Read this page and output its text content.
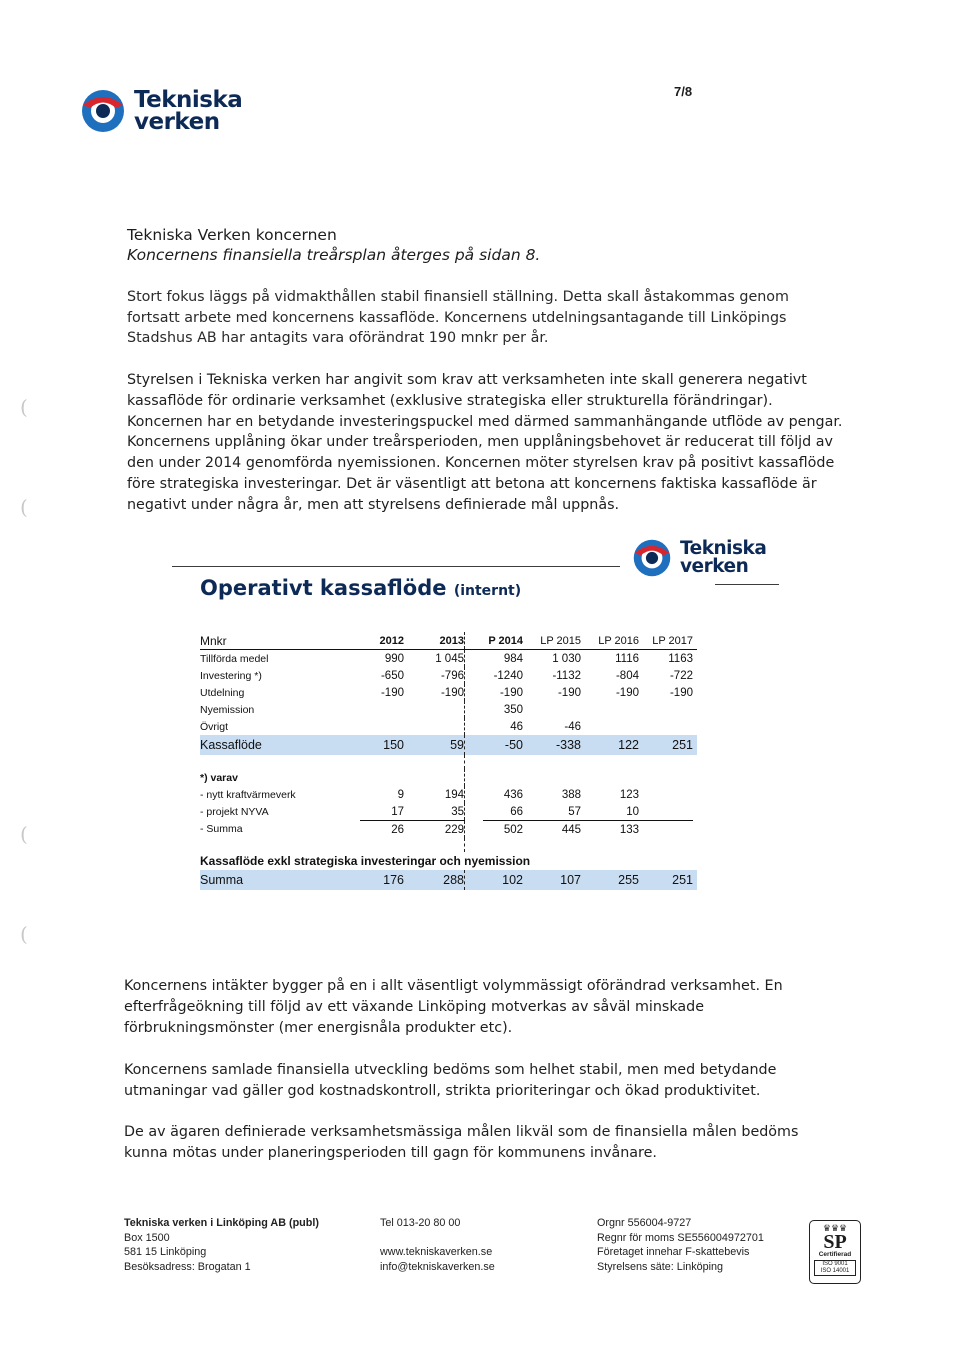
Tekniska
verken
7/8
(
(
(
(
Tekniska Verken koncernen
Koncernens finansiella treårsplan återges på sidan 8.
Stort fokus läggs på vidmakthållen stabil finansiell ställning. Detta skall åstakommas genom fortsatt arbete med koncernens kassaflöde. Koncernens utdelningsantagande till Linköpings Stadshus AB har antagits vara oförändrat 190 mnkr per år.
Styrelsen i Tekniska verken har angivit som krav att verksamheten inte skall generera negativt kassaflöde för ordinarie verksamhet (exklusive strategiska eller strukturella förändringar). Koncernen har en betydande investeringspuckel med därmed sammanhängande utflöde av pengar. Koncernens upplåning ökar under treårsperioden, men upplåningsbehovet är reducerat till följd av den under 2014 genomförda nyemissionen. Koncernen möter styrelsen krav på positivt kassaflöde före strategiska investeringar. Det är väsentligt att betona att koncernens faktiska kassaflöde är negativt under några år, men att styrelsens definierade mål uppnås.
Tekniska
verken
Operativt kassaflöde (internt)
Mnkr	2012	2013		P 2014	LP 2015	LP 2016	LP 2017	
Tillförda medel	990	1 045		984	1 030	1116	1163	
Investering *)	-650	-796		-1240	-1132	-804	-722	
Utdelning	-190	-190		-190	-190	-190	-190	
Nyemission				350				
Övrigt				46	-46			
Kassaflöde	150	59		-50	-338	122	251	

*) varav								
- nytt kraftvärmeverk	9	194		436	388	123		
- projekt NYVA	17	35		66	57	10		
- Summa	26	229		502	445	133		

Kassaflöde exkl strategiska investeringar och nyemission								
Summa	176	288		102	107	255	251	
Koncernens intäkter bygger på en i allt väsentligt volymmässigt oförändrad verksamhet. En efterfrågeökning till följd av ett växande Linköping motverkas av såväl minskade förbrukningsmönster (mer energisnåla produkter etc).
Koncernens samlade finansiella utveckling bedöms som helhet stabil, men med betydande utmaningar vad gäller god kostnadskontroll, strikta prioriteringar och ökad produktivitet.
De av ägaren definierade verksamhetsmässiga målen likväl som de finansiella målen bedöms kunna mötas under planeringsperioden till gagn för kommunens invånare.
Tekniska verken i Linköping AB (publ)
Box 1500
581 15 Linköping
Besöksadress: Brogatan 1
Tel 013-20 80 00
www.tekniskaverken.se
info@tekniskaverken.se
Orgnr 556004-9727
Regnr för moms SE556004972701
Företaget innehar F-skattebevis
Styrelsens säte: Linköping
♛♛♛
SP
Certifierad
ISO 9001
ISO 14001
